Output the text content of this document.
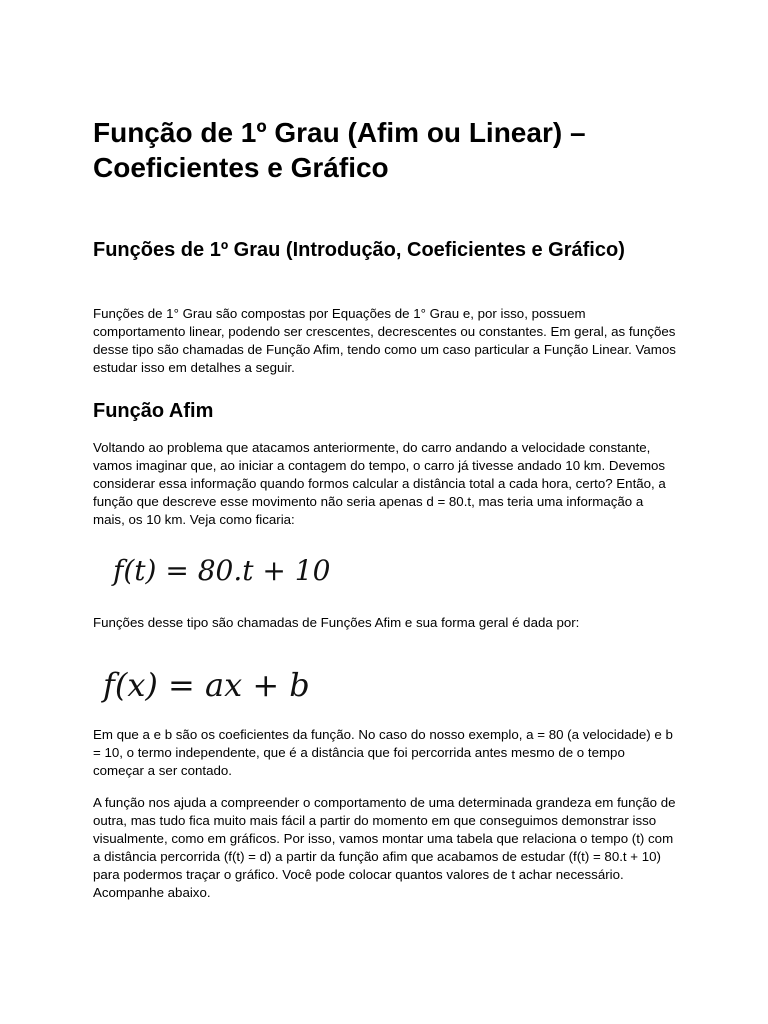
Função de 1º Grau (Afim ou Linear) – Coeficientes e Gráfico
Funções de 1º Grau (Introdução, Coeficientes e Gráfico)

Funções de 1° Grau são compostas por Equações de 1° Grau e, por isso, possuem comportamento linear, podendo ser crescentes, decrescentes ou constantes. Em geral, as funções desse tipo são chamadas de Função Afim, tendo como um caso particular a Função Linear. Vamos estudar isso em detalhes a seguir.

Função Afim

Voltando ao problema que atacamos anteriormente, do carro andando a velocidade constante, vamos imaginar que, ao iniciar a contagem do tempo, o carro já tivesse andado 10 km. Devemos considerar essa informação quando formos calcular a distância total a cada hora, certo? Então, a função que descreve esse movimento não seria apenas d = 80.t, mas teria uma informação a mais, os 10 km. Veja como ficaria:

f(t) = 80.t + 10

Funções desse tipo são chamadas de Funções Afim e sua forma geral é dada por:

f(x) = ax + b

Em que a e b são os coeficientes da função. No caso do nosso exemplo, a = 80 (a velocidade) e b = 10, o termo independente, que é a distância que foi percorrida antes mesmo de o tempo começar a ser contado.

A função nos ajuda a compreender o comportamento de uma determinada grandeza em função de outra, mas tudo fica muito mais fácil a partir do momento em que conseguimos demonstrar isso visualmente, como em gráficos. Por isso, vamos montar uma tabela que relaciona o tempo (t) com a distância percorrida (f(t) = d) a partir da função afim que acabamos de estudar (f(t) = 80.t + 10) para podermos traçar o gráfico. Você pode colocar quantos valores de t achar necessário. Acompanhe abaixo.
